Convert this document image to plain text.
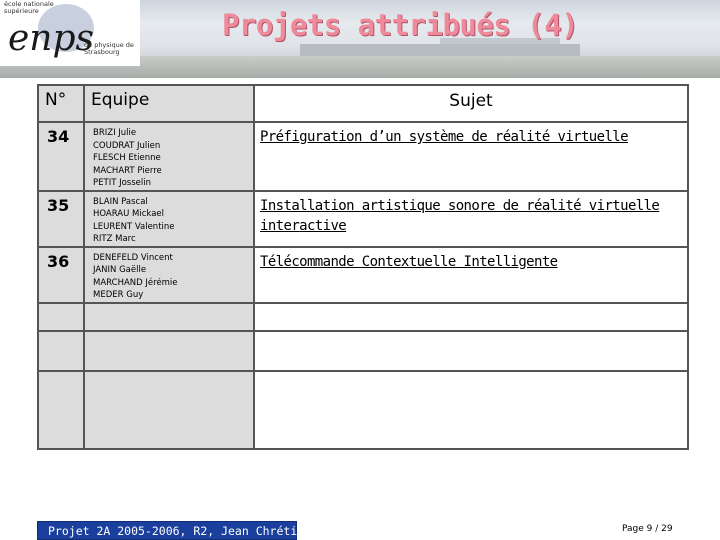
école nationale supérieure
enps
de physique de Strasbourg
Projets attribués (4)
N°	Equipe	Sujet

34	BRIZI Julie
COUDRAT Julien
FLESCH Etienne
MACHART Pierre
PETIT Josselin	Préfiguration d’un système de réalité virtuelle

35	BLAIN Pascal
HOARAU Mickael
LEURENT Valentine
RITZ Marc	Installation artistique sonore de réalité virtuelle interactive

36	DENEFELD Vincent
JANIN Gaëlle
MARCHAND Jérémie
MEDER Guy	Télécommande Contextuelle Intelligente

Projet 2A 2005-2006, R2, Jean Chrétien	Page 9 / 29
